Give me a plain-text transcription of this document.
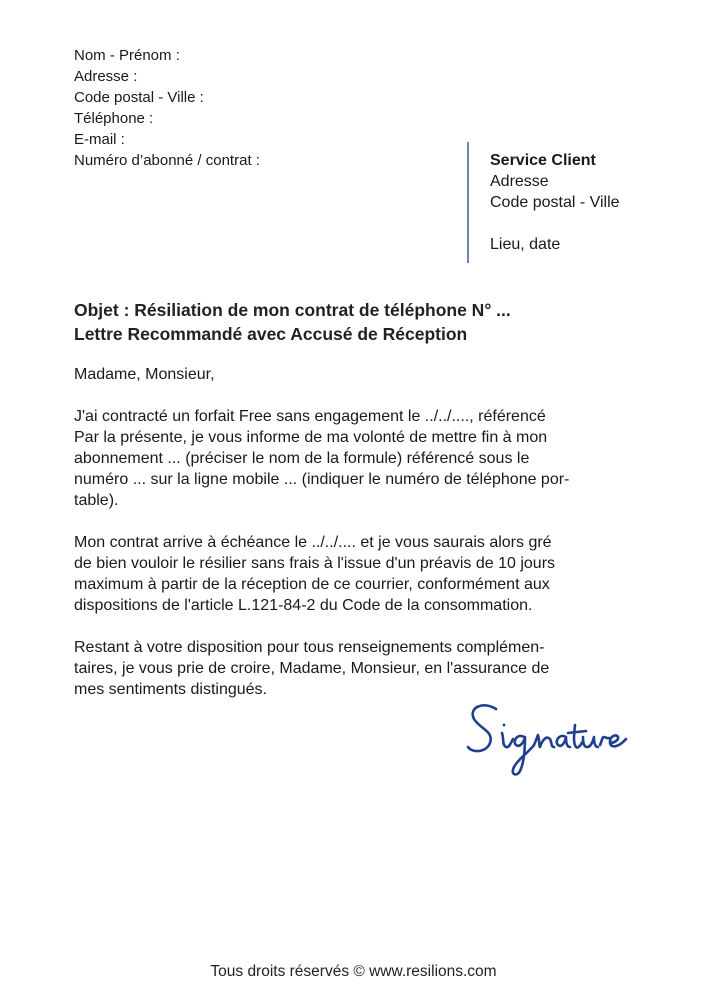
Nom - Prénom :
Adresse :
Code postal - Ville :
Téléphone :
E-mail :
Numéro d’abonné / contrat :	Service Client
Adresse
Code postal - Ville
Lieu, date
Objet : Résiliation de mon contrat de téléphone N° ...
Lettre Recommandé avec Accusé de Réception
Madame, Monsieur,
J'ai contracté un forfait Free sans engagement le ../../...., référencé
Par la présente, je vous informe de ma volonté de mettre fin à mon
abonnement ... (préciser le nom de la formule) référencé sous le
numéro ... sur la ligne mobile ... (indiquer le numéro de téléphone por-
table).
Mon contrat arrive à échéance le ../../.... et je vous saurais alors gré
de bien vouloir le résilier sans frais à l'issue d'un préavis de 10 jours
maximum à partir de la réception de ce courrier, conformément aux
dispositions de l'article L.121-84-2 du Code de la consommation.
Restant à votre disposition pour tous renseignements complémen-
taires, je vous prie de croire, Madame, Monsieur, en l'assurance de
mes sentiments distingués.
Tous droits réservés © www.resilions.com
